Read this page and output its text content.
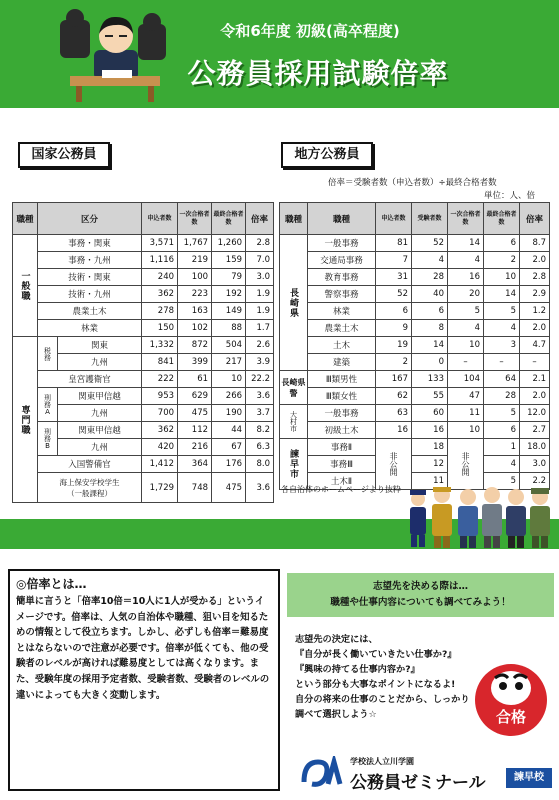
令和6年度 初級(高卒程度)
公務員採用試験倍率
国家公務員	地方公務員
倍率＝受験者数（申込者数）÷最終合格者数
単位：人、倍
職種	区分		申込者数	一次合格者数	最終合格者数	倍率

一般職	事務・関東		3,571	1,767	1,260	2.8
	事務・九州		1,116	219	159	7.0
	技術・関東		240	100	79	3.0
	技術・九州		362	223	192	1.9
	農業土木		278	163	149	1.9
	林業		150	102	88	1.7

専門職	税務	関東	1,332	872	504	2.6
		九州	841	399	217	3.9
	皇宮護衛官		222	61	10	22.2

	刑務A	関東甲信越	953	629	266	3.6
		九州	700	475	190	3.7

	刑務B	関東甲信越	362	112	44	8.2
		九州	420	216	67	6.3
	入国警備官		1,412	364	176	8.0

	海上保安学校学生
（一般課程）		1,729	748	475	3.6
職種	職種	申込者数	受験者数	一次合格者数	最終合格者数	倍率

長崎県	一般事務	81	52	14	6	8.7
	交通局事務	7	4	4	2	2.0
	教育事務	31	28	16	10	2.8
	警察事務	52	40	20	14	2.9
	林業	6	6	5	5	1.2
	農業土木	9	8	4	4	2.0
	土木	19	14	10	3	4.7
	建築	2	0	–	–	–
長崎県警	Ⅲ類男性	167	133	104	64	2.1
	Ⅲ類女性	62	55	47	28	2.0

大村市	一般事務	63	60	11	5	12.0
	初級土木	16	16	10	6	2.7

諫早市	事務Ⅱ	非公開	18	非公開	1	18.0
	事務Ⅲ		12		4	3.0
	土木Ⅱ		11		5	2.2
各自治体のホームページより抜粋
◎倍率とは…

簡単に言うと「倍率10倍＝10人に1人が受かる」というイメージです。倍率は、人気の自治体や職種、狙い目を知るための情報として役立ちます。しかし、必ずしも倍率＝難易度とはならないので注意が必要です。倍率が低くても、他の受験者のレベルが高ければ難易度としては高くなります。また、受験年度の採用予定者数、受験者数、受験者のレベルの違いによっても大きく変動します。

志望先を決める際は…
職種や仕事内容についても調べてみよう！
志望先の決定には、
『自分が長く働いていきたい仕事か?』
『興味の持てる仕事内容か?』
という部分も大事なポイントになるよ!
自分の将来の仕事のことだから、しっかり
調べて選択しよう☆	合格
学校法人立川学園
公務員ゼミナール	諫早校
